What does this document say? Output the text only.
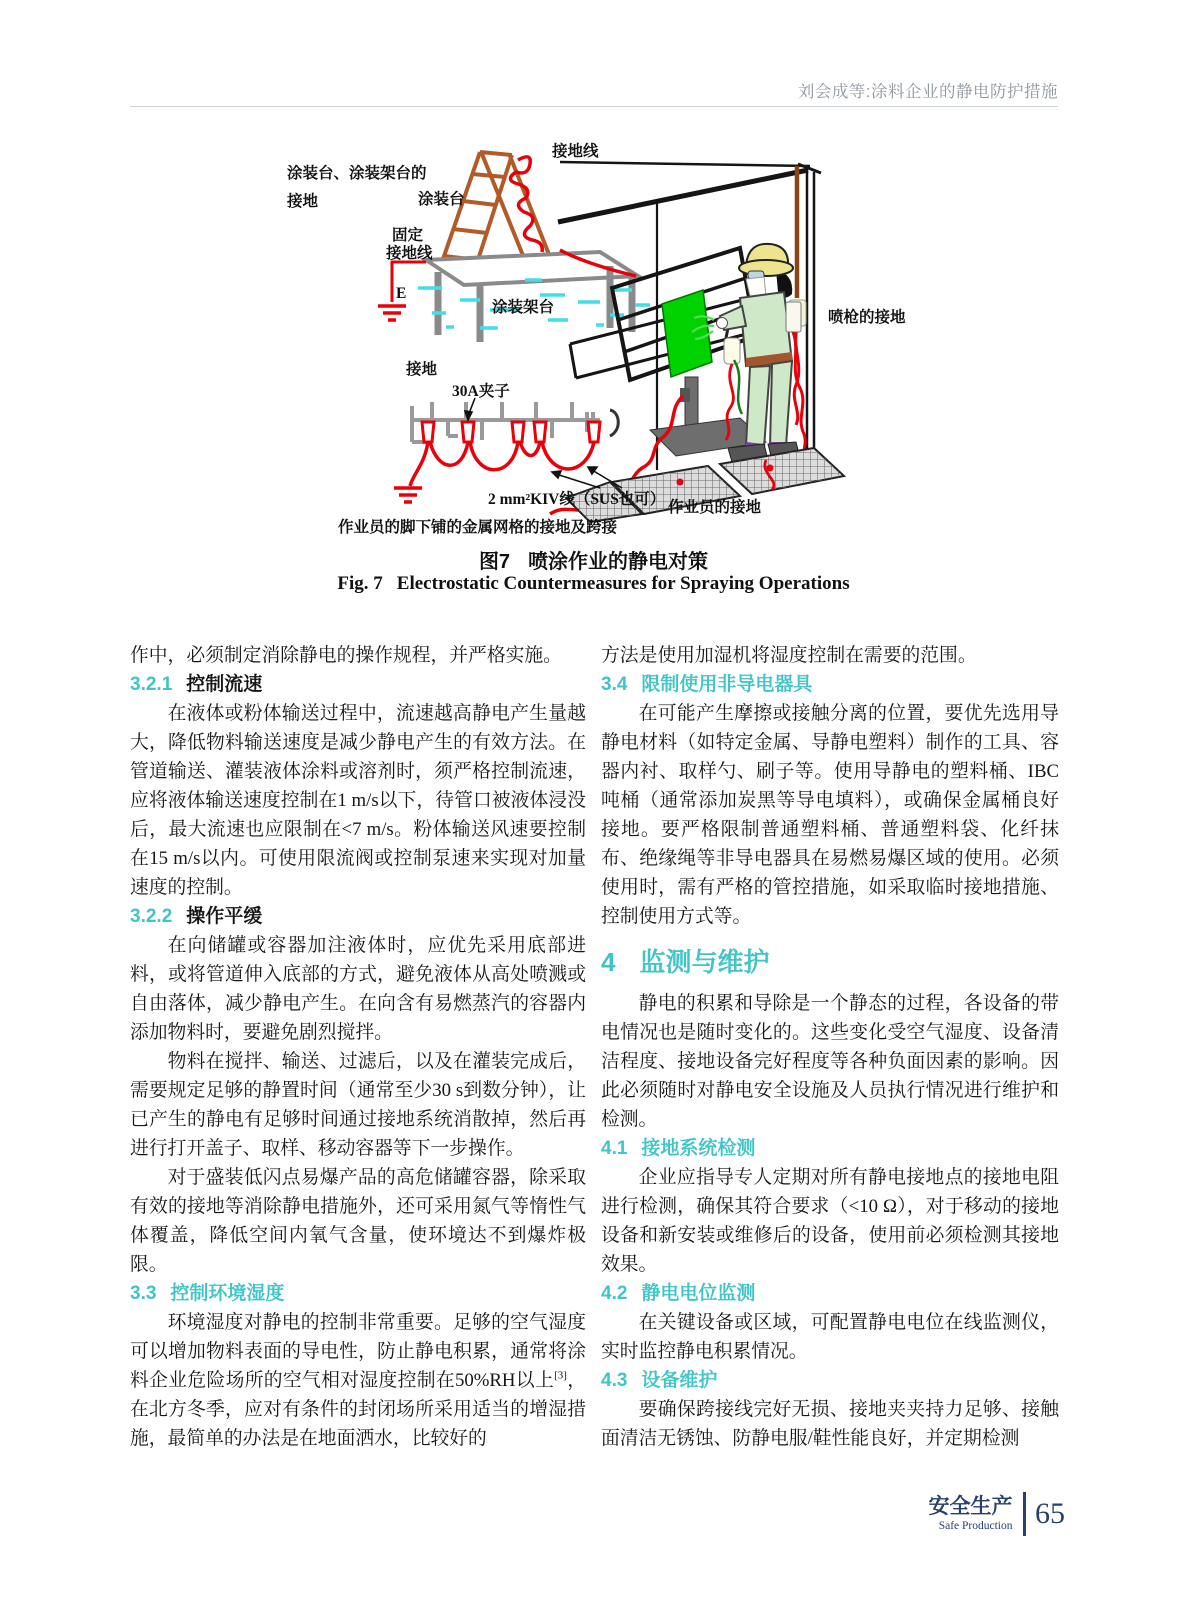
刘会成等:涂料企业的静电防护措施
E
涂装台、涂装架台的
接地	涂装台
接地线
固定
接地线
涂装架台
接地
30A夹子
2 mm²KIV线（SUS也可）
作业员的脚下铺的金属网格的接地及跨接
喷枪的接地
作业员的接地
图7 喷涂作业的静电对策
Fig. 7 Electrostatic Countermeasures for Spraying Operations

作中，必须制定消除静电的操作规程，并严格实施。

3.2.1 控制流速

在液体或粉体输送过程中，流速越高静电产生量越大，降低物料输送速度是减少静电产生的有效方法。在管道输送、灌装液体涂料或溶剂时，须严格控制流速，应将液体输送速度控制在1 m/s以下，待管口被液体浸没后，最大流速也应限制在<7 m/s。粉体输送风速要控制在15 m/s以内。可使用限流阀或控制泵速来实现对加量速度的控制。

3.2.2 操作平缓

在向储罐或容器加注液体时，应优先采用底部进料，或将管道伸入底部的方式，避免液体从高处喷溅或自由落体，减少静电产生。在向含有易燃蒸汽的容器内添加物料时，要避免剧烈搅拌。

物料在搅拌、输送、过滤后，以及在灌装完成后，需要规定足够的静置时间（通常至少30 s到数分钟），让已产生的静电有足够时间通过接地系统消散掉，然后再进行打开盖子、取样、移动容器等下一步操作。

对于盛装低闪点易爆产品的高危储罐容器，除采取有效的接地等消除静电措施外，还可采用氮气等惰性气体覆盖，降低空间内氧气含量，使环境达不到爆炸极限。

3.3 控制环境湿度

环境湿度对静电的控制非常重要。足够的空气湿度可以增加物料表面的导电性，防止静电积累，通常将涂料企业危险场所的空气相对湿度控制在50%RH以上[3]，在北方冬季，应对有条件的封闭场所采用适当的增湿措施，最简单的办法是在地面洒水，比较好的

方法是使用加湿机将湿度控制在需要的范围。

3.4 限制使用非导电器具

在可能产生摩擦或接触分离的位置，要优先选用导静电材料（如特定金属、导静电塑料）制作的工具、容器内衬、取样勺、刷子等。使用导静电的塑料桶、IBC吨桶（通常添加炭黑等导电填料），或确保金属桶良好接地。要严格限制普通塑料桶、普通塑料袋、化纤抹布、绝缘绳等非导电器具在易燃易爆区域的使用。必须使用时，需有严格的管控措施，如采取临时接地措施、控制使用方式等。

4 监测与维护

静电的积累和导除是一个静态的过程，各设备的带电情况也是随时变化的。这些变化受空气湿度、设备清洁程度、接地设备完好程度等各种负面因素的影响。因此必须随时对静电安全设施及人员执行情况进行维护和检测。

4.1 接地系统检测

企业应指导专人定期对所有静电接地点的接地电阻进行检测，确保其符合要求（<10 Ω），对于移动的接地设备和新安装或维修后的设备，使用前必须检测其接地效果。

4.2 静电电位监测

在关键设备或区域，可配置静电电位在线监测仪，实时监控静电积累情况。

4.3 设备维护

要确保跨接线完好无损、接地夹夹持力足够、接触面清洁无锈蚀、防静电服/鞋性能良好，并定期检测

安全生产
Safe Production 65
